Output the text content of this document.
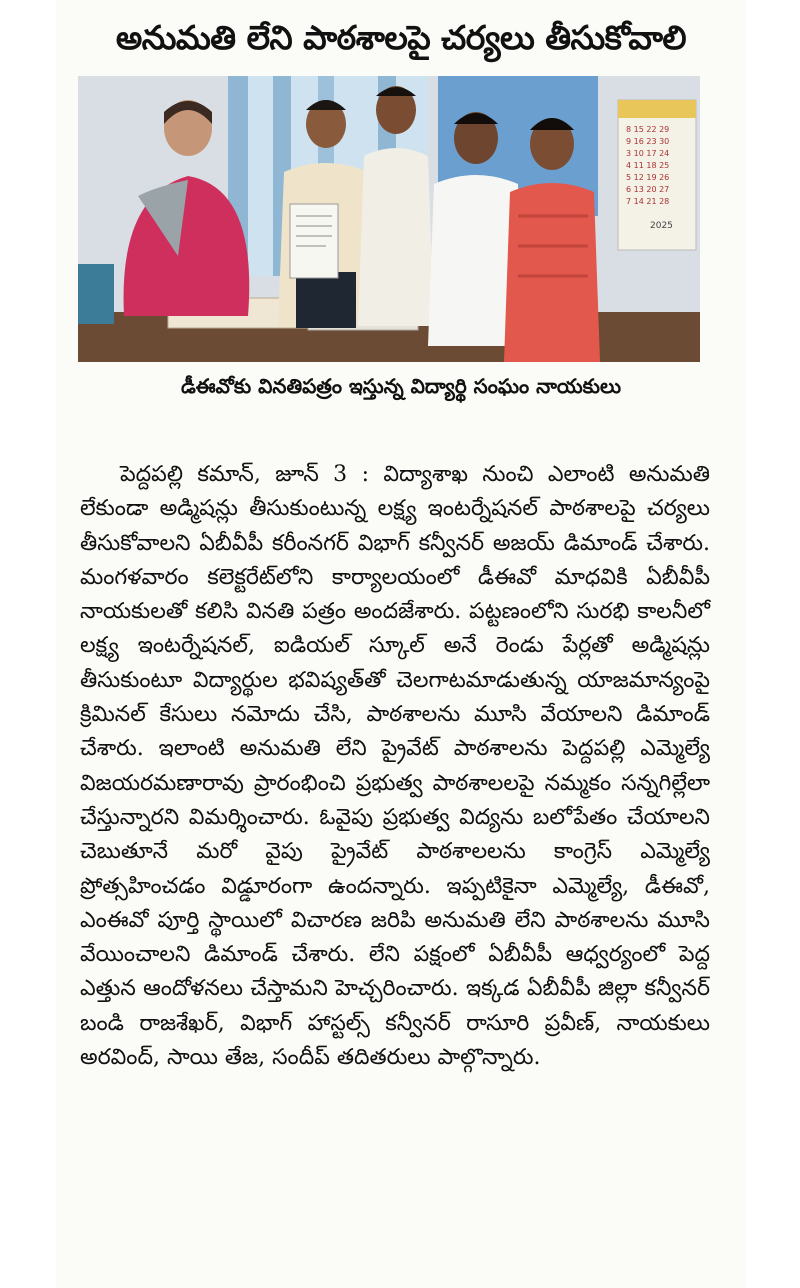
అనుమతి లేని పాఠశాలపై చర్యలు తీసుకోవాలి
2025
8 15 22 29 9 16 23 30 3 10 17 24 4 11 18 25 5 12 19 26 6 13 20 27 7 14 21 28
డీఈవోకు వినతిపత్రం ఇస్తున్న విద్యార్థి సంఘం నాయకులు

పెద్దపల్లి కమాన్, జూన్ 3 : విద్యాశాఖ నుంచి ఎలాంటి అనుమతి లేకుండా అడ్మిషన్లు తీసుకుంటున్న లక్ష్య ఇంటర్నేషనల్ పాఠశాలపై చర్యలు తీసుకోవాలని ఏబీవీపీ కరీంనగర్ విభాగ్ కన్వీనర్ అజయ్ డిమాండ్ చేశారు. మంగళవారం కలెక్టరేట్‌లోని కార్యాలయంలో డీఈవో మాధవికి ఏబీవీపీ నాయకులతో కలిసి వినతి పత్రం అందజేశారు. పట్టణంలోని సురభి కాలనీలో లక్ష్య ఇంటర్నేషనల్, ఐడియల్ స్కూల్ అనే రెండు పేర్లతో అడ్మిషన్లు తీసుకుంటూ విద్యార్థుల భవిష్యత్‌తో చెలగాటమాడుతున్న యాజమాన్యంపై క్రిమినల్ కేసులు నమోదు చేసి, పాఠశాలను మూసి వేయాలని డిమాండ్ చేశారు. ఇలాంటి అనుమతి లేని ప్రైవేట్ పాఠశాలను పెద్దపల్లి ఎమ్మెల్యే విజయరమణారావు ప్రారంభించి ప్రభుత్వ పాఠశాలలపై నమ్మకం సన్నగిల్లేలా చేస్తున్నారని విమర్శించారు. ఓవైపు ప్రభుత్వ విద్యను బలోపేతం చేయాలని చెబుతూనే మరో వైపు ప్రైవేట్ పాఠశాలలను కాంగ్రెస్ ఎమ్మెల్యే ప్రోత్సహించడం విడ్డూరంగా ఉందన్నారు. ఇప్పటికైనా ఎమ్మెల్యే, డీఈవో, ఎంఈవో పూర్తి స్థాయిలో విచారణ జరిపి అనుమతి లేని పాఠశాలను మూసి వేయించాలని డిమాండ్ చేశారు. లేని పక్షంలో ఏబీవీపీ ఆధ్వర్యంలో పెద్ద ఎత్తున ఆందోళనలు చేస్తామని హెచ్చరించారు. ఇక్కడ ఏబీవీపీ జిల్లా కన్వీనర్ బండి రాజశేఖర్, విభాగ్ హాస్టల్స్ కన్వీనర్ రాసూరి ప్రవీణ్, నాయకులు అరవింద్, సాయి తేజ, సందీప్ తదితరులు పాల్గొన్నారు.
